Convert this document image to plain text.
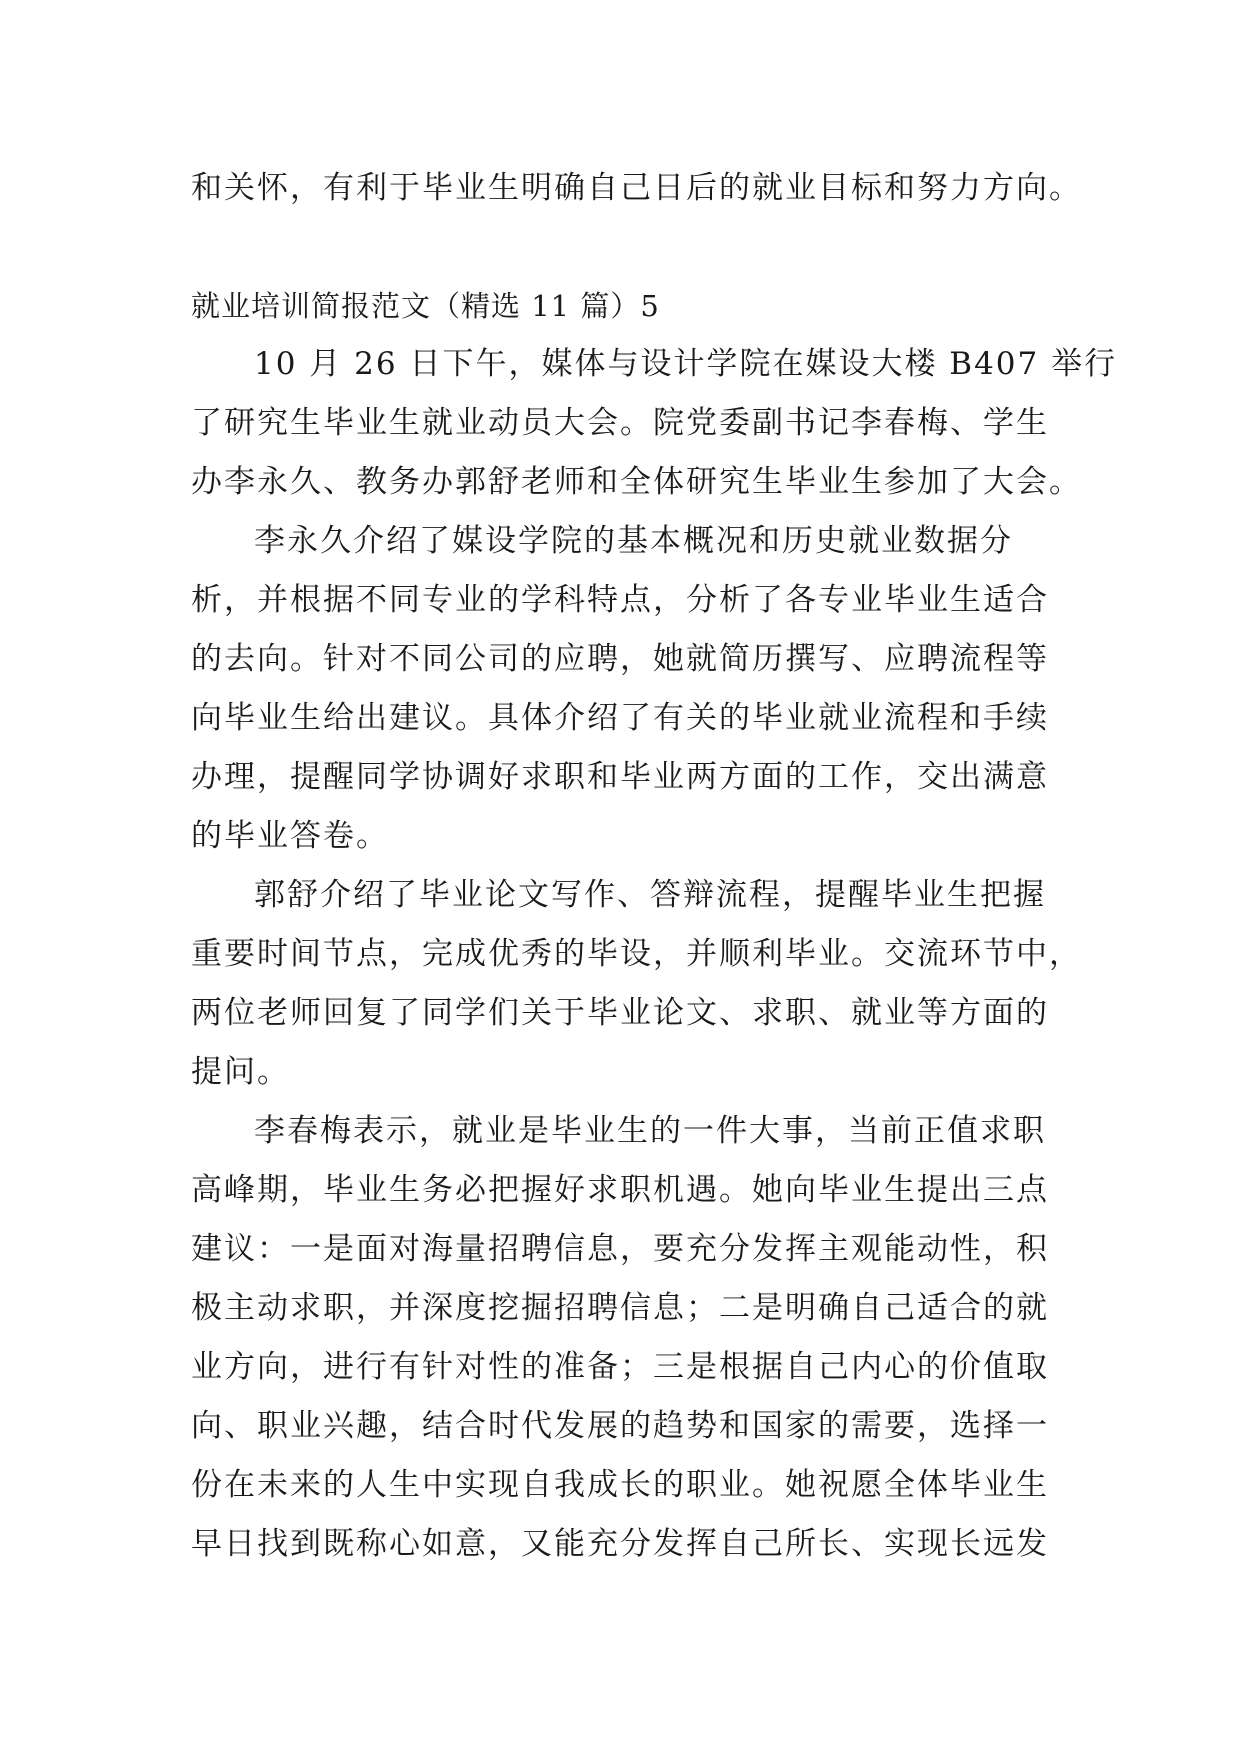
和关怀，有利于毕业生明确自己日后的就业目标和努力方向。
就业培训简报范文（精选 11 篇）5
10 月 26 日下午，媒体与设计学院在媒设大楼 B407 举行
了研究生毕业生就业动员大会。院党委副书记李春梅、学生
办李永久、教务办郭舒老师和全体研究生毕业生参加了大会。
李永久介绍了媒设学院的基本概况和历史就业数据分
析，并根据不同专业的学科特点，分析了各专业毕业生适合
的去向。针对不同公司的应聘，她就简历撰写、应聘流程等
向毕业生给出建议。具体介绍了有关的毕业就业流程和手续
办理，提醒同学协调好求职和毕业两方面的工作，交出满意
的毕业答卷。
郭舒介绍了毕业论文写作、答辩流程，提醒毕业生把握
重要时间节点，完成优秀的毕设，并顺利毕业。交流环节中，
两位老师回复了同学们关于毕业论文、求职、就业等方面的
提问。
李春梅表示，就业是毕业生的一件大事，当前正值求职
高峰期，毕业生务必把握好求职机遇。她向毕业生提出三点
建议：一是面对海量招聘信息，要充分发挥主观能动性，积
极主动求职，并深度挖掘招聘信息；二是明确自己适合的就
业方向，进行有针对性的准备；三是根据自己内心的价值取
向、职业兴趣，结合时代发展的趋势和国家的需要，选择一
份在未来的人生中实现自我成长的职业。她祝愿全体毕业生
早日找到既称心如意，又能充分发挥自己所长、实现长远发
